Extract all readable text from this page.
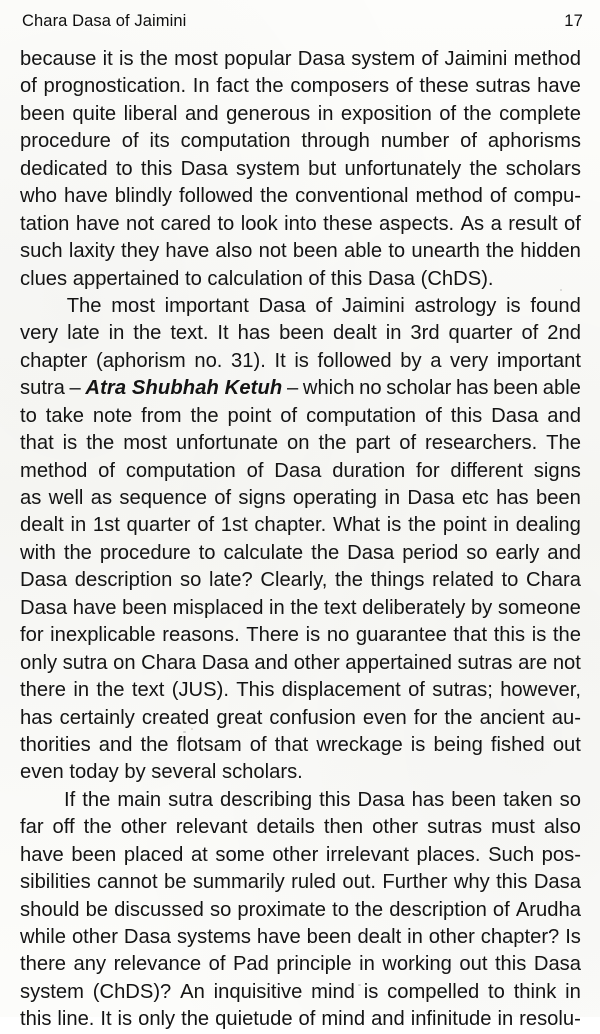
Chara Dasa of Jaimini	17
because it is the most popular Dasa system of Jaimini method
of prognostication. In fact the composers of these sutras have
been quite liberal and generous in exposition of the complete
procedure of its computation through number of aphorisms
dedicated to this Dasa system but unfortunately the scholars
who have blindly followed the conventional method of compu-
tation have not cared to look into these aspects. As a result of
such laxity they have also not been able to unearth the hidden
clues appertained to calculation of this Dasa (ChDS).
The most important Dasa of Jaimini astrology is found
very late in the text. It has been dealt in 3rd quarter of 2nd
chapter (aphorism no. 31). It is followed by a very important
sutra – Atra Shubhah Ketuh – which no scholar has been able
to take note from the point of computation of this Dasa and
that is the most unfortunate on the part of researchers. The
method of computation of Dasa duration for different signs
as well as sequence of signs operating in Dasa etc has been
dealt in 1st quarter of 1st chapter. What is the point in dealing
with the procedure to calculate the Dasa period so early and
Dasa description so late? Clearly, the things related to Chara
Dasa have been misplaced in the text deliberately by someone
for inexplicable reasons. There is no guarantee that this is the
only sutra on Chara Dasa and other appertained sutras are not
there in the text (JUS). This displacement of sutras; however,
has certainly created great confusion even for the ancient au-
thorities and the flotsam of that wreckage is being fished out
even today by several scholars.
If the main sutra describing this Dasa has been taken so
far off the other relevant details then other sutras must also
have been placed at some other irrelevant places. Such pos-
sibilities cannot be summarily ruled out. Further why this Dasa
should be discussed so proximate to the description of Arudha
while other Dasa systems have been dealt in other chapter? Is
there any relevance of Pad principle in working out this Dasa
system (ChDS)? An inquisitive mind is compelled to think in
this line. It is only the quietude of mind and infinitude in resolu-
